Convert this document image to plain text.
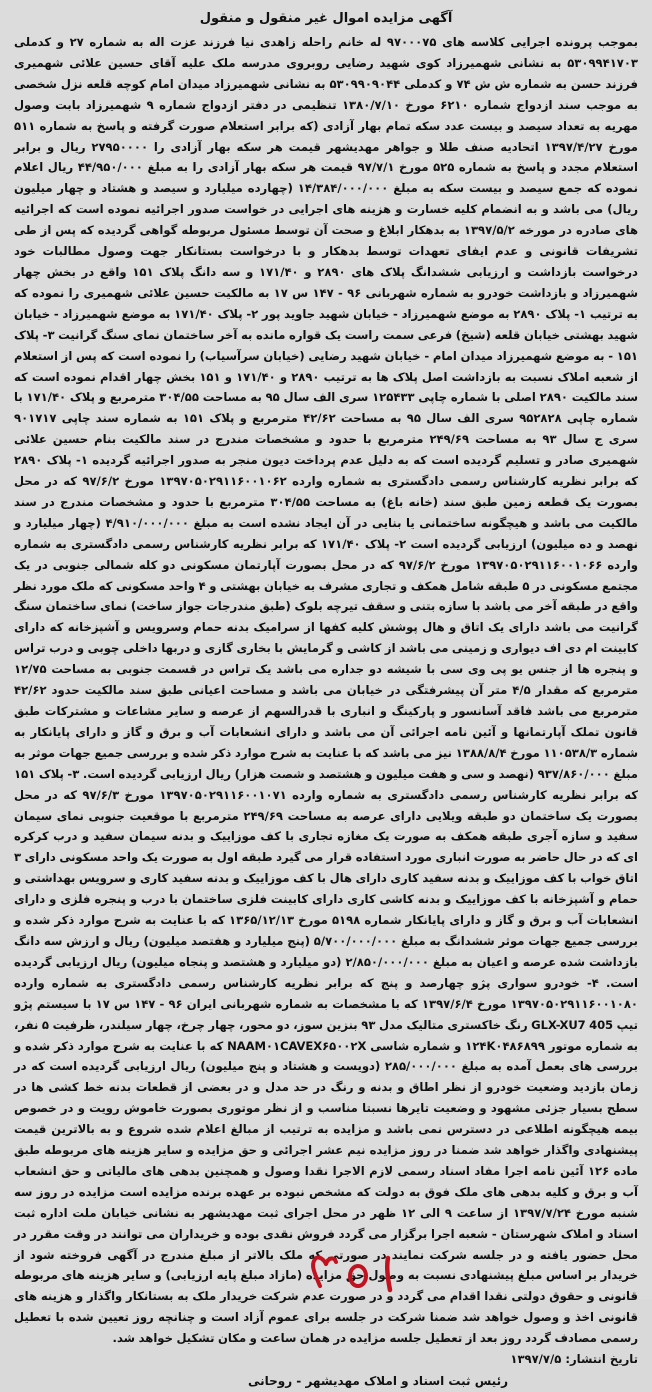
آگهی مزایده اموال غیر منقول و منقول

بموجب پرونده اجرایی کلاسه های ۹۷۰۰۰۷۵ له خانم راحله زاهدی نیا فرزند عزت اله به شماره ۲۷ و کدملی ۵۳۰۹۹۴۱۷۰۳ به نشانی شهمیرزاد کوی شهید رضایی روبروی مدرسه ملک علیه آقای حسین علائی شهمیری فرزند حسن به شماره ش ش ۷۴ و کدملی ۵۳۰۹۹۰۹۰۴۴ به نشانی شهمیرزاد میدان امام کوچه قلعه نزل شخصی به موجب سند ازدواج شماره ۶۲۱۰ مورخ ۱۳۸۰/۷/۱۰ تنظیمی در دفتر ازدواج شماره ۹ شهمیرزاد بابت وصول مهریه به تعداد سیصد و بیست عدد سکه تمام بهار آزادی (که برابر استعلام صورت گرفته و پاسخ به شماره ۵۱۱ مورخ ۱۳۹۷/۴/۲۷ اتحادیه صنف طلا و جواهر مهدیشهر قیمت هر سکه بهار آزادی را ۲۷۹۵۰۰۰۰ ریال و برابر استعلام مجدد و پاسخ به شماره ۵۲۵ مورخ ۹۷/۷/۱ قیمت هر سکه بهار آزادی را به مبلغ ۴۴/۹۵۰/۰۰۰ ریال اعلام نموده که جمع سیصد و بیست سکه به مبلغ ۱۴/۳۸۴/۰۰۰/۰۰۰ (چهارده میلیارد و سیصد و هشتاد و چهار میلیون ریال) می باشد و به انضمام کلیه خسارت و هزینه های اجرایی در خواست صدور اجرائیه نموده است که اجرائیه های صادره در مورخه ۱۳۹۷/۵/۲ به بدهکار ابلاغ و صحت آن توسط مسئول مربوطه گواهی گردیده که پس از طی تشریفات قانونی و عدم ایفای تعهدات توسط بدهکار و با درخواست بستانکار جهت وصول مطالبات خود درخواست بازداشت و ارزیابی ششدانگ پلاک های ۲۸۹۰ و ۱۷۱/۴۰ و سه دانگ پلاک ۱۵۱ واقع در بخش چهار شهمیرزاد و بازداشت خودرو به شماره شهربانی ۹۶ - ۱۴۷ س ۱۷ به مالکیت حسین علائی شهمیری را نموده که به ترتیب ۱- پلاک ۲۸۹۰ به موضع شهمیرزاد - خیابان شهید جاوید پور ۲- پلاک ۱۷۱/۴۰ به موضع شهمیرزاد - خیابان شهید بهشتی خیابان قلعه (شیخ) فرعی سمت راست یک قواره مانده به آخر ساختمان نمای سنگ گرانیت ۳- پلاک ۱۵۱ - به موضع شهمیرزاد میدان امام - خیابان شهید رضایی (خیابان سرآسیاب) را نموده است که پس از استعلام از شعبه املاک نسبت به بازداشت اصل پلاک ها به ترتیب ۲۸۹۰ و ۱۷۱/۴۰ و ۱۵۱ بخش چهار اقدام نموده است که سند مالکیت ۲۸۹۰ اصلی با شماره چاپی ۱۲۵۴۳۳ سری الف سال ۹۵ به مساحت ۳۰۴/۵۵ مترمربع و پلاک ۱۷۱/۴۰ با شماره چاپی ۹۵۲۸۲۸ سری الف سال ۹۵ به مساحت ۴۲/۶۲ مترمربع و پلاک ۱۵۱ به شماره سند چاپی ۹۰۱۷۱۷ سری ج سال ۹۳ به مساحت ۲۴۹/۶۹ مترمربع با حدود و مشخصات مندرج در سند مالکیت بنام حسین علائی شهمیری صادر و تسلیم گردیده است که به دلیل عدم پرداخت دیون منجر به صدور اجرائیه گردیده ۱- پلاک ۲۸۹۰ که برابر نظریه کارشناس رسمی دادگستری به شماره وارده ۱۳۹۷۰۵۰۲۹۱۱۶۰۰۱۰۶۲ مورخ ۹۷/۶/۲ که در محل بصورت یک قطعه زمین طبق سند (خانه باغ) به مساحت ۳۰۴/۵۵ مترمربع با حدود و مشخصات مندرج در سند مالکیت می باشد و هیچگونه ساختمانی یا بنایی در آن ایجاد نشده است به مبلغ ۴/۹۱۰/۰۰۰/۰۰۰ (چهار میلیارد و نهصد و ده میلیون) ارزیابی گردیده است ۲- پلاک ۱۷۱/۴۰ که برابر نظریه کارشناس رسمی دادگستری به شماره وارده ۱۳۹۷۰۵۰۲۹۱۱۶۰۰۱۰۶۶ مورخ ۹۷/۶/۲ که در محل بصورت آپارتمان مسکونی دو کله شمالی جنوبی در یک مجتمع مسکونی در ۵ طبقه شامل همکف و تجاری مشرف به خیابان بهشتی و ۴ واحد مسکونی که ملک مورد نظر واقع در طبقه آخر می باشد با سازه بتنی و سقف تیرچه بلوک (طبق مندرجات جواز ساخت) نمای ساختمان سنگ گرانیت می باشد دارای یک اتاق و هال پوشش کلیه کفها از سرامیک بدنه حمام وسرویس و آشپزخانه که دارای کابینت ام دی اف دیواری و زمینی می باشد از کاشی و گرمایش با بخاری گازی و دربها داخلی چوبی و درب تراس و پنجره ها از جنس یو پی وی سی با شیشه دو جداره می باشد یک تراس در قسمت جنوبی به مساحت ۱۲/۷۵ مترمربع که مقدار ۴/۵ متر آن پیشرفتگی در خیابان می باشد و مساحت اعیانی طبق سند مالکیت حدود ۴۲/۶۲ مترمربع می باشد فاقد آسانسور و پارکینگ و انباری با قدرالسهم از عرصه و سایر مشاعات و مشترکات طبق قانون تملک آپارتمانها و آئین نامه اجرائی آن می باشد و دارای انشعابات آب و برق و گاز و دارای پایانکار به شماره ۱۱۰۵۳۸/۳ مورخ ۱۳۸۸/۸/۴ نیز می باشد که با عنایت به شرح موارد ذکر شده و بررسی جمیع جهات موثر به مبلغ ۹۳۷/۸۶۰/۰۰۰ (نهصد و سی و هفت میلیون و هشتصد و شصت هزار) ریال ارزیابی گردیده است. ۳- پلاک ۱۵۱ که برابر نظریه کارشناس رسمی دادگستری به شماره وارده ۱۳۹۷۰۵۰۲۹۱۱۶۰۰۱۰۷۱ مورخ ۹۷/۶/۳ که در محل بصورت یک ساختمان دو طبقه ویلایی دارای عرصه به مساحت ۲۴۹/۶۹ مترمربع با موقعیت جنوبی نمای سیمان سفید و سازه آجری طبقه همکف به صورت یک مغازه تجاری با کف موزاییک و بدنه سیمان سفید و درب کرکره ای که در حال حاضر به صورت انباری مورد استفاده قرار می گیرد طبقه اول به صورت یک واحد مسکونی دارای ۳ اتاق خواب با کف موزاییک و بدنه سفید کاری دارای هال با کف موزاییک و بدنه سفید کاری و سرویس بهداشتی و حمام و آشپزخانه با کف موزاییک و بدنه کاشی کاری دارای کابینت فلزی ساختمان با درب و پنجره فلزی و دارای انشعابات آب و برق و گاز و دارای پایانکار شماره ۵۱۹۸ مورخ ۱۳۶۵/۱۲/۱۳ که با عنایت به شرح موارد ذکر شده و بررسی جمیع جهات موثر ششدانگ به مبلغ ۵/۷۰۰/۰۰۰/۰۰۰ (پنج میلیارد و هفتصد میلیون) ریال و ارزش سه دانگ بازداشت شده عرصه و اعیان به مبلغ ۲/۸۵۰/۰۰۰/۰۰۰ (دو میلیارد و هشتصد و پنجاه میلیون) ریال ارزیابی گردیده است. ۴- خودرو سواری پژو چهارصد و پنج که برابر نظریه کارشناس رسمی دادگستری به شماره وارده ۱۳۹۷۰۵۰۲۹۱۱۶۰۰۱۰۸۰ مورخ ۱۳۹۷/۶/۴ که با مشخصات به شماره شهربانی ایران ۹۶ - ۱۴۷ س ۱۷ با سیستم پژو تیپ GLX-XU7 405 رنگ خاکستری متالیک مدل ۹۳ بنزین سوز، دو محور، چهار چرخ، چهار سیلندر، ظرفیت ۵ نفر، به شماره موتور ۱۲۴K۰۴۸۶۸۹۹ و شماره شاسی NAAM۰۱CAVEX۶۵۰۰۲X که با عنایت به شرح موارد ذکر شده و بررسی های بعمل آمده به مبلغ ۲۸۵/۰۰۰/۰۰۰ (دویست و هشتاد و پنج میلیون) ریال ارزیابی گردیده است که در زمان بازدید وضعیت خودرو از نظر اطاق و بدنه و رنگ در حد مدل و در بعضی از قطعات بدنه خط کشی ها در سطح بسیار جزئی مشهود و وضعیت تایرها نسبتا مناسب و از نظر موتوری بصورت خاموش رویت و در خصوص بیمه هیچگونه اطلاعی در دسترس نمی باشد و مزایده به ترتیب از مبالغ اعلام شده شروع و به بالاترین قیمت پیشنهادی واگذار خواهد شد ضمنا در روز مزایده نیم عشر اجرائی و حق مزایده و سایر هزینه های مربوطه طبق ماده ۱۲۶ آئین نامه اجرا مفاد اسناد رسمی لازم الاجرا نقدا وصول و همچنین بدهی های مالیاتی و حق انشعاب آب و برق و کلیه بدهی های ملک فوق به دولت که مشخص نبوده بر عهده برنده مزایده است مزایده در روز سه شنبه مورخ ۱۳۹۷/۷/۲۴ از ساعت ۹ الی ۱۲ ظهر در محل اجرای ثبت مهدیشهر به نشانی خیابان ملت اداره ثبت اسناد و املاک شهرستان - شعبه اجرا برگزار می گردد فروش نقدی بوده و خریداران می توانند در وقت مقرر در محل حضور یافته و در جلسه شرکت نمایند در صورتی که ملک بالاتر از مبلغ مندرج در آگهی فروخته شود از خریدار بر اساس مبلغ پیشنهادی نسبت به وصول حق مزایده (مازاد مبلغ پایه ارزیابی) و سایر هزینه های مربوطه قانونی و حقوق دولتی نقدا اقدام می گردد و در صورت عدم شرکت خریدار ملک به بستانکار واگذار و هزینه های قانونی اخذ و وصول خواهد شد ضمنا شرکت در جلسه برای عموم آزاد است و چنانچه روز تعیین شده با تعطیل رسمی مصادف گردد روز بعد از تعطیل جلسه مزایده در همان ساعت و مکان تشکیل خواهد شد.

تاریخ انتشار: ۱۳۹۷/۷/۵

رئیس ثبت اسناد و املاک مهدیشهر - روحانی
